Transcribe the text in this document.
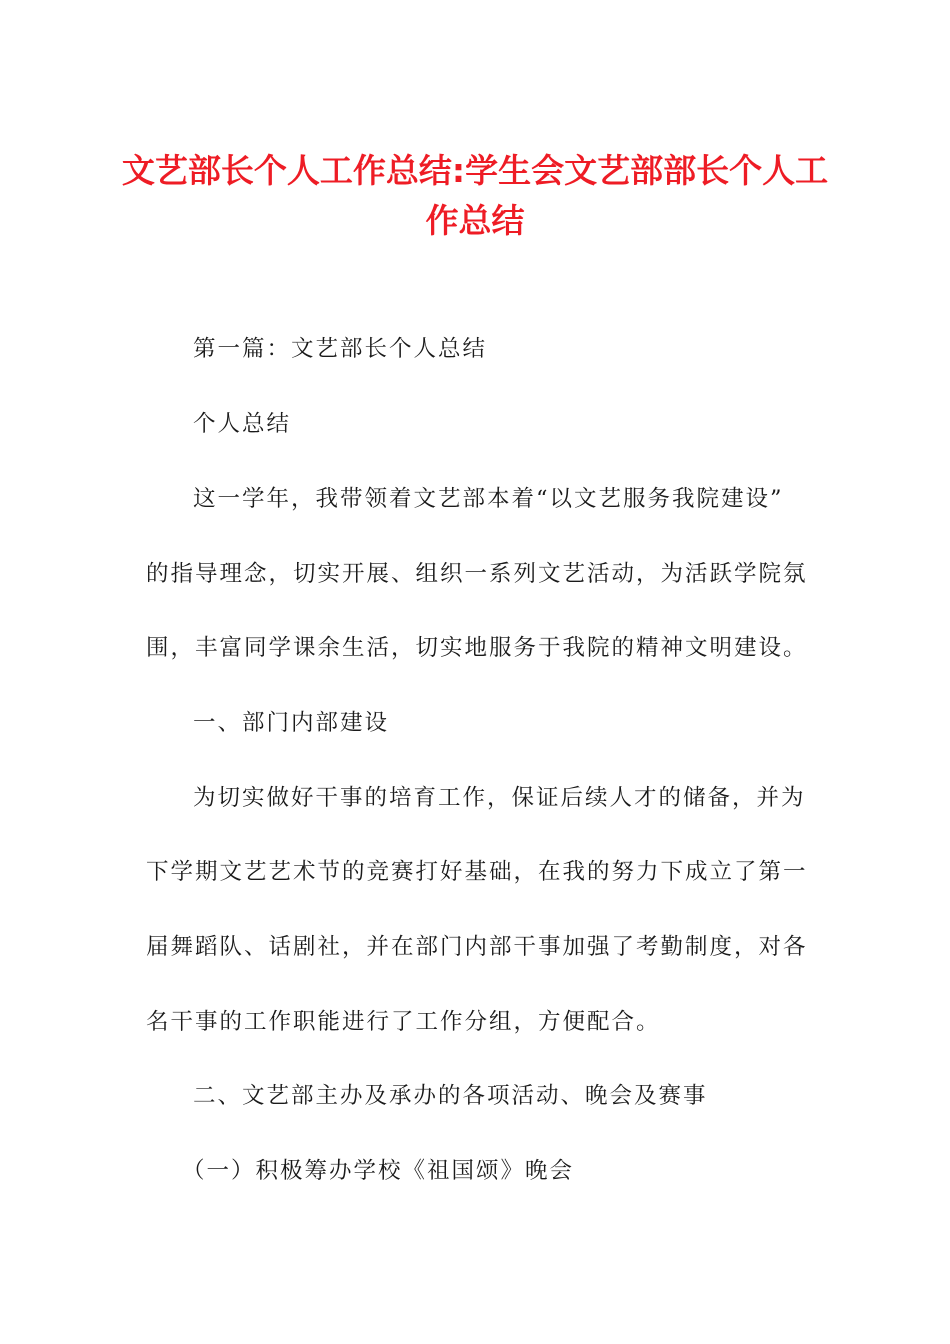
文艺部长个人工作总结:学生会文艺部部长个人工作总结
第一篇：文艺部长个人总结
个人总结
这一学年，我带领着文艺部本着“以文艺服务我院建设”
的指导理念，切实开展、组织一系列文艺活动，为活跃学院氛
围，丰富同学课余生活，切实地服务于我院的精神文明建设。
一、部门内部建设
为切实做好干事的培育工作，保证后续人才的储备，并为
下学期文艺艺术节的竞赛打好基础，在我的努力下成立了第一
届舞蹈队、话剧社，并在部门内部干事加强了考勤制度，对各
名干事的工作职能进行了工作分组，方便配合。
二、文艺部主办及承办的各项活动、晚会及赛事
（一）积极筹办学校《祖国颂》晚会
